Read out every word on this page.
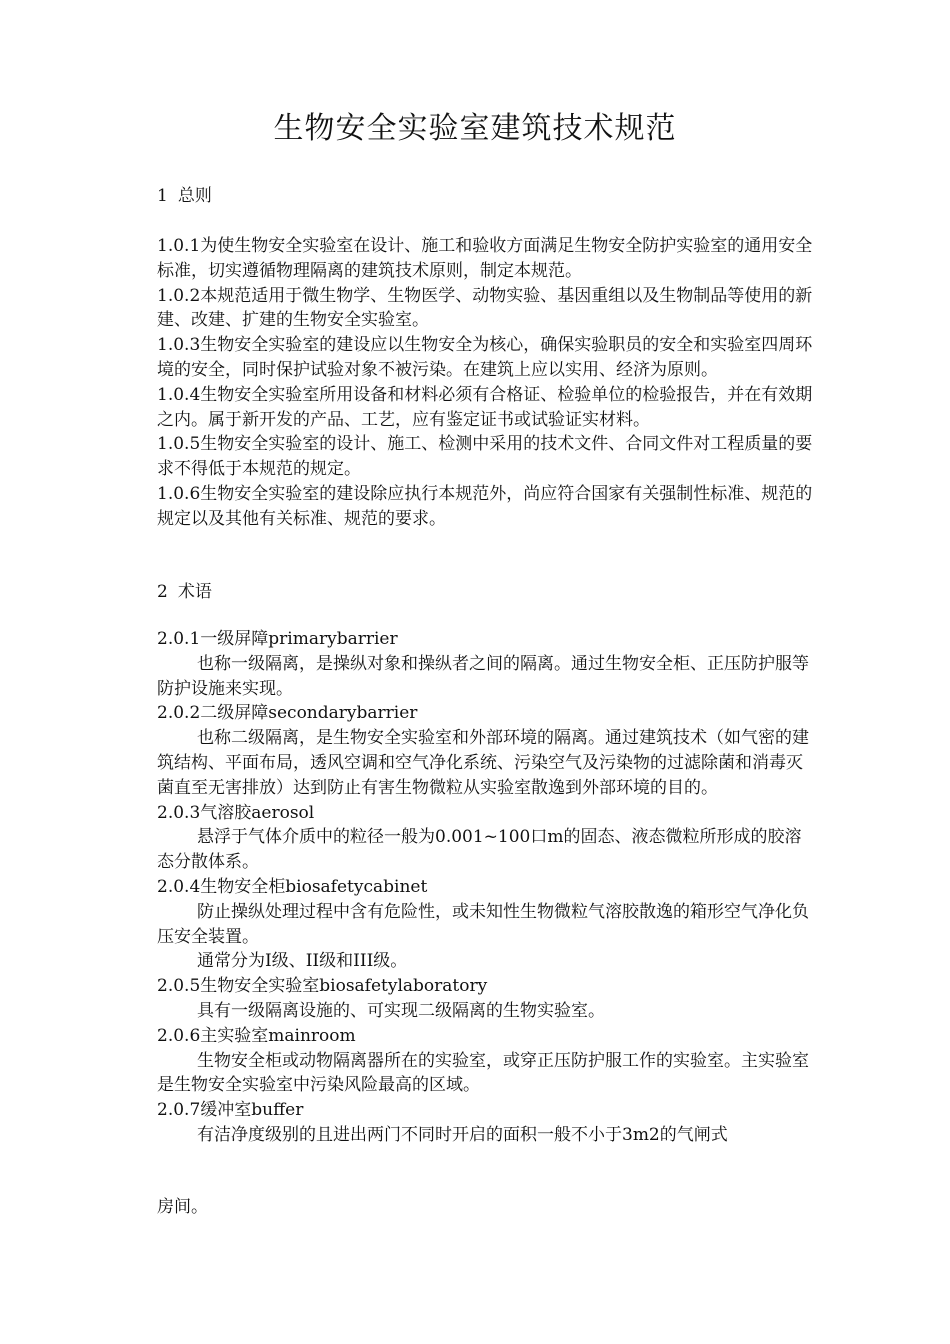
生物安全实验室建筑技术规范
1 总则

1.0.1为使生物安全实验室在设计、施工和验收方面满足生物安全防护实验室的通用安全标准，切实遵循物理隔离的建筑技术原则，制定本规范。

1.0.2本规范适用于微生物学、生物医学、动物实验、基因重组以及生物制品等使用的新建、改建、扩建的生物安全实验室。

1.0.3生物安全实验室的建设应以生物安全为核心，确保实验职员的安全和实验室四周环境的安全，同时保护试验对象不被污染。在建筑上应以实用、经济为原则。

1.0.4生物安全实验室所用设备和材料必须有合格证、检验单位的检验报告，并在有效期之内。属于新开发的产品、工艺，应有鉴定证书或试验证实材料。

1.0.5生物安全实验室的设计、施工、检测中采用的技术文件、合同文件对工程质量的要求不得低于本规范的规定。

1.0.6生物安全实验室的建设除应执行本规范外，尚应符合国家有关强制性标准、规范的规定以及其他有关标准、规范的要求。

2 术语

2.0.1一级屏障primarybarrier

也称一级隔离，是操纵对象和操纵者之间的隔离。通过生物安全柜、正压防护服等防护设施来实现。

2.0.2二级屏障secondarybarrier

也称二级隔离，是生物安全实验室和外部环境的隔离。通过建筑技术（如气密的建筑结构、平面布局，透风空调和空气净化系统、污染空气及污染物的过滤除菌和消毒灭菌直至无害排放）达到防止有害生物微粒从实验室散逸到外部环境的目的。

2.0.3气溶胶aerosol

悬浮于气体介质中的粒径一般为0.001~100口m的固态、液态微粒所形成的胶溶态分散体系。

2.0.4生物安全柜biosafetycabinet

防止操纵处理过程中含有危险性，或未知性生物微粒气溶胶散逸的箱形空气净化负压安全装置。

通常分为I级、II级和III级。

2.0.5生物安全实验室biosafetylaboratory

具有一级隔离设施的、可实现二级隔离的生物实验室。

2.0.6主实验室mainroom

生物安全柜或动物隔离器所在的实验室，或穿正压防护服工作的实验室。主实验室是生物安全实验室中污染风险最高的区域。

2.0.7缓冲室buffer

有洁净度级别的且进出两门不同时开启的面积一般不小于3m2的气闸式

房间。
